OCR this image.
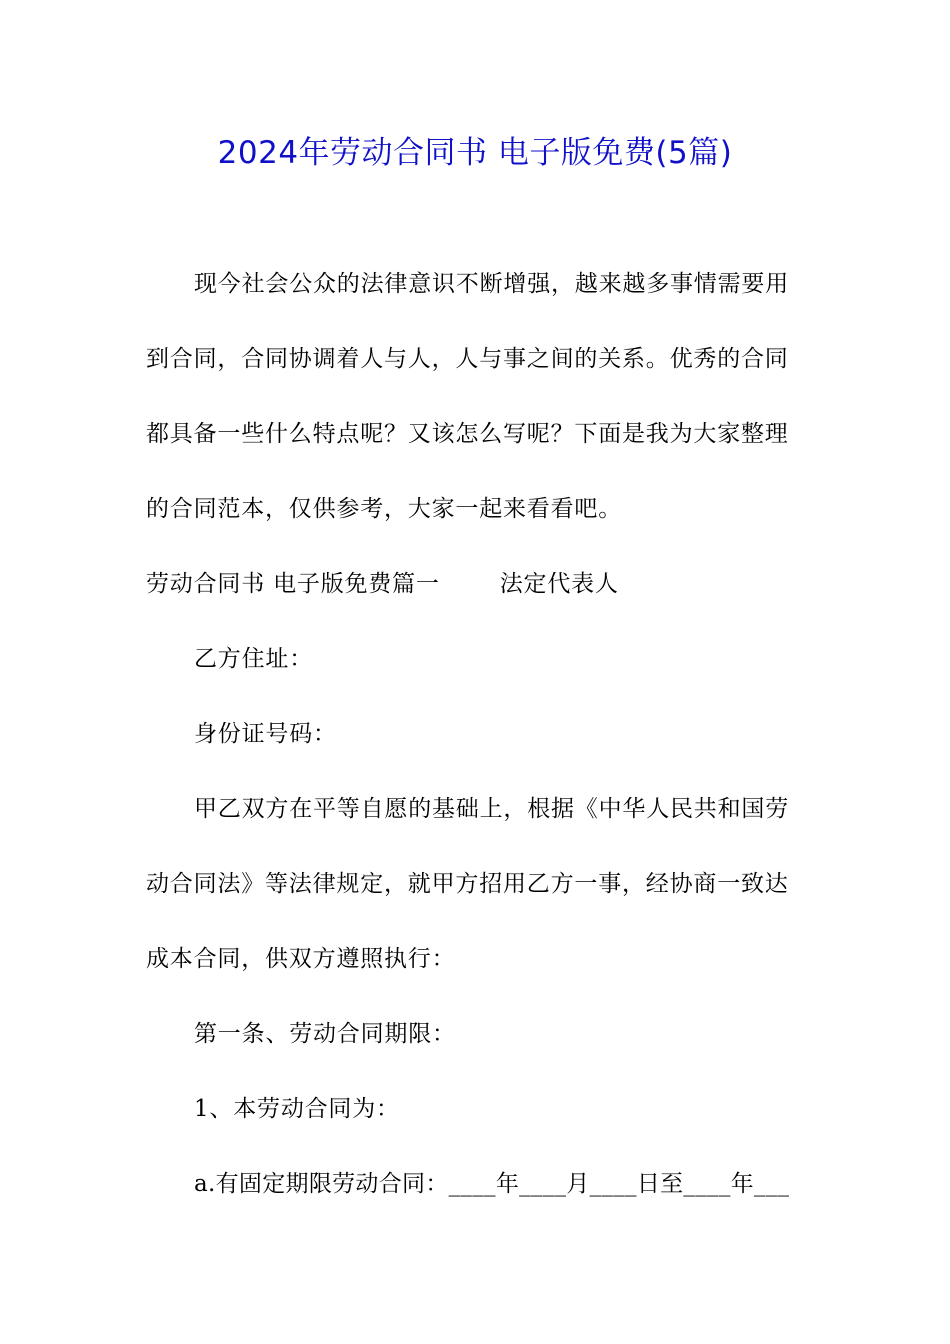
2024年劳动合同书 电子版免费(5篇)
现今社会公众的法律意识不断增强，越来越多事情需要用
到合同，合同协调着人与人，人与事之间的关系。优秀的合同
都具备一些什么特点呢？又该怎么写呢？下面是我为大家整理
的合同范本，仅供参考，大家一起来看看吧。
劳动合同书 电子版免费篇一	法定代表人
乙方住址：
身份证号码：
甲乙双方在平等自愿的基础上，根据《中华人民共和国劳
动合同法》等法律规定，就甲方招用乙方一事，经协商一致达
成本合同，供双方遵照执行：
第一条、劳动合同期限：
1、本劳动合同为：
a.有固定期限劳动合同：____年____月____日至____年___
